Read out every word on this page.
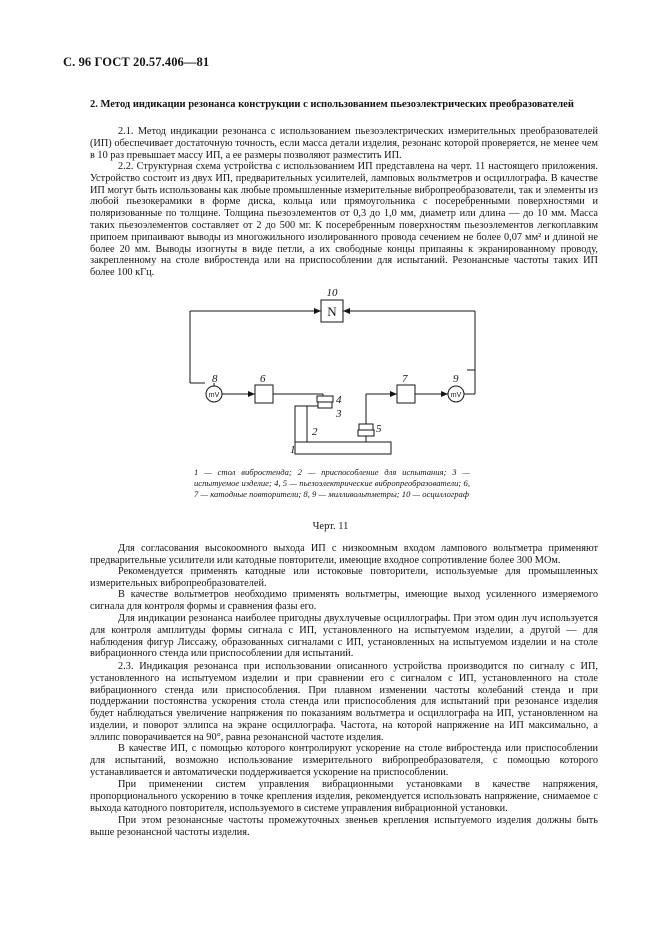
С. 96 ГОСТ 20.57.406—81
2. Метод индикации резонанса конструкции с использованием пьезоэлектрических преобразователей

2.1. Метод индикации резонанса с использованием пьезоэлектрических измерительных преобразователей (ИП) обеспечивает достаточную точность, если масса детали изделия, резонанс которой проверяется, не менее чем в 10 раз превышает массу ИП, а ее размеры позволяют разместить ИП.

2.2. Структурная схема устройства с использованием ИП представлена на черт. 11 настоящего приложения. Устройство состоит из двух ИП, предварительных усилителей, ламповых вольтметров и осциллографа. В качестве ИП могут быть использованы как любые промышленные измерительные вибропреобразователи, так и элементы из любой пьезокерамики в форме диска, кольца или прямоугольника с посеребренными поверхностями и поляризованные по толщине. Толщина пьезоэлементов от 0,3 до 1,0 мм, диаметр или длина — до 10 мм. Масса таких пьезоэлементов составляет от 2 до 500 мг. К посеребренным поверхностям пьезоэлементов легкоплавким припоем припаивают выводы из многожильного изолированного провода сечением не более 0,07 мм² и длиной не более 20 мм. Выводы изогнуты в виде петли, а их свободные концы припаяны к экранированному проводу, закрепленному на столе вибростенда или на приспособлении для испытаний. Резонансные частоты таких ИП более 100 кГц.

N
mV	mV
10
8	6	7	9
4
3
2	5
1
1 — стол вибростенда; 2 — приспособление для испытания; 3 — испытуемое изделие; 4, 5 — пьезоэлектрические вибропреобразователи; 6, 7 — катодные повторители; 8, 9 — милливольтметры; 10 — осциллограф
Черт. 11

Для согласования высокоомного выхода ИП с низкоомным входом лампового вольтметра применяют предварительные усилители или катодные повторители, имеющие входное сопротивление более 300 МОм.

Рекомендуется применять катодные или истоковые повторители, используемые для промышленных измерительных вибропреобразователей.

В качестве вольтметров необходимо применять вольтметры, имеющие выход усиленного измеряемого сигнала для контроля формы и сравнения фазы его.

Для индикации резонанса наиболее пригодны двухлучевые осциллографы. При этом один луч используется для контроля амплитуды формы сигнала с ИП, установленного на испытуемом изделии, а другой — для наблюдения фигур Лиссажу, образованных сигналами с ИП, установленных на испытуемом изделии и на столе вибрационного стенда или приспособлении для испытаний.

2.3. Индикация резонанса при использовании описанного устройства производится по сигналу с ИП, установленного на испытуемом изделии и при сравнении его с сигналом с ИП, установленного на столе вибрационного стенда или приспособления. При плавном изменении частоты колебаний стенда и при поддержании постоянства ускорения стола стенда или приспособления для испытаний при резонансе изделия будет наблюдаться увеличение напряжения по показаниям вольтметра и осциллографа на ИП, установленном на изделии, и поворот эллипса на экране осциллографа. Частота, на которой напряжение на ИП максимально, а эллипс поворачивается на 90°, равна резонансной частоте изделия.

В качестве ИП, с помощью которого контролируют ускорение на столе вибростенда или приспособлении для испытаний, возможно использование измерительного вибропреобразователя, с помощью которого устанавливается и автоматически поддерживается ускорение на приспособлении.

При применении систем управления вибрационными установками в качестве напряжения, пропорционального ускорению в точке крепления изделия, рекомендуется использовать напряжение, снимаемое с выхода катодного повторителя, используемого в системе управления вибрационной установки.

При этом резонансные частоты промежуточных звеньев крепления испытуемого изделия должны быть выше резонансной частоты изделия.
